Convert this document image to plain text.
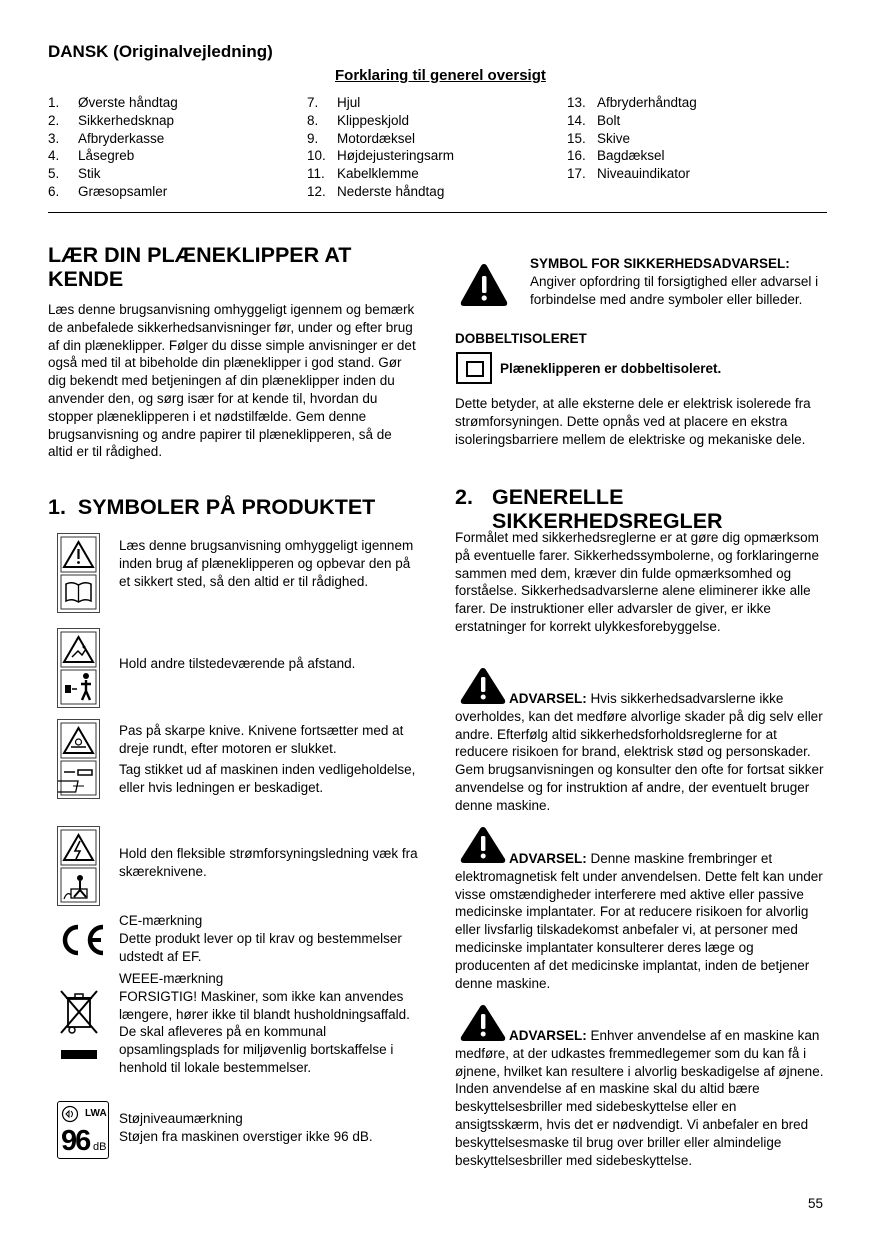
DANSK (Originalvejledning)
Forklaring til generel oversigt
1.	Øverste håndtag
2.	Sikkerhedsknap
3.	Afbryderkasse
4.	Låsegreb
5.	Stik
6.	Græsopsamler
7.	Hjul
8.	Klippeskjold
9.	Motordæksel
10. Højdejusteringsarm
11. Kabelklemme
12. Nederste håndtag
13. Afbryderhåndtag
14. Bolt
15. Skive
16. Bagdæksel
17. Niveauindikator
LÆR DIN PLÆNEKLIPPER AT KENDE
Læs denne brugsanvisning omhyggeligt igennem og bemærk de anbefalede sikkerhedsanvisninger før, under og efter brug af din plæneklipper. Følger du disse simple anvisninger er det også med til at bibeholde din plæneklipper i god stand. Gør dig bekendt med betjeningen af din plæneklipper inden du anvender den, og sørg især for at kende til, hvordan du stopper plæneklipperen i et nødstilfælde. Gem denne brugsanvisning og andre papirer til plæneklipperen, så de altid er til rådighed.
1.  SYMBOLER PÅ PRODUKTET
Læs denne brugsanvisning omhyggeligt igennem inden brug af plæneklipperen og opbevar den på et sikkert sted, så den altid er til rådighed.
Hold andre tilstedeværende på afstand.
Pas på skarpe knive. Knivene fortsætter med at dreje rundt, efter motoren er slukket.
Tag stikket ud af maskinen inden vedligeholdelse, eller hvis ledningen er beskadiget.
Hold den fleksible strømforsyningsledning væk fra skæreknivene.
CE-mærkning
Dette produkt lever op til krav og bestemmelser udstedt af EF.
WEEE-mærkning
FORSIGTIG! Maskiner, som ikke kan anvendes længere, hører ikke til blandt husholdningsaffald. De skal afleveres på en kommunal opsamlingsplads for miljøvenlig bortskaffelse i henhold til lokale bestemmelser.
LWA
96 dB
Støjniveaumærkning
Støjen fra maskinen overstiger ikke 96 dB.
SYMBOL FOR SIKKERHEDSADVARSEL:
Angiver opfordring til forsigtighed eller advarsel i forbindelse med andre symboler eller billeder.
DOBBELTISOLERET
Plæneklipperen er dobbeltisoleret.
Dette betyder, at alle eksterne dele er elektrisk isolerede fra strømforsyningen. Dette opnås ved at placere en ekstra isoleringsbarriere mellem de elektriske og mekaniske dele.
2. GENERELLE
SIKKERHEDSREGLER
Formålet med sikkerhedsreglerne er at gøre dig opmærksom på eventuelle farer. Sikkerhedssymbolerne, og forklaringerne sammen med dem, kræver din fulde opmærksomhed og forståelse. Sikkerhedsadvarslerne alene eliminerer ikke alle farer. De instruktioner eller advarsler de giver, er ikke erstatninger for korrekt ulykkesforebyggelse.
ADVARSEL: Hvis sikkerhedsadvarslerne ikke overholdes, kan det medføre alvorlige skader på dig selv eller andre. Efterfølg altid sikkerhedsforholdsreglerne for at reducere risikoen for brand, elektrisk stød og personskader. Gem brugsanvisningen og konsulter den ofte for fortsat sikker anvendelse og for instruktion af andre, der eventuelt bruger denne maskine.
ADVARSEL: Denne maskine frembringer et elektromagnetisk felt under anvendelsen. Dette felt kan under visse omstændigheder interferere med aktive eller passive medicinske implantater. For at reducere risikoen for alvorlig eller livsfarlig tilskadekomst anbefaler vi, at personer med medicinske implantater konsulterer deres læge og producenten af det medicinske implantat, inden de betjener denne maskine.
ADVARSEL: Enhver anvendelse af en maskine kan medføre, at der udkastes fremmedlegemer som du kan få i øjnene, hvilket kan resultere i alvorlig beskadigelse af øjnene. Inden anvendelse af en maskine skal du altid bære beskyttelsesbriller med sidebeskyttelse eller en ansigtsskærm, hvis det er nødvendigt. Vi anbefaler en bred beskyttelsesmaske til brug over briller eller almindelige beskyttelsesbriller med sidebeskyttelse.
55
